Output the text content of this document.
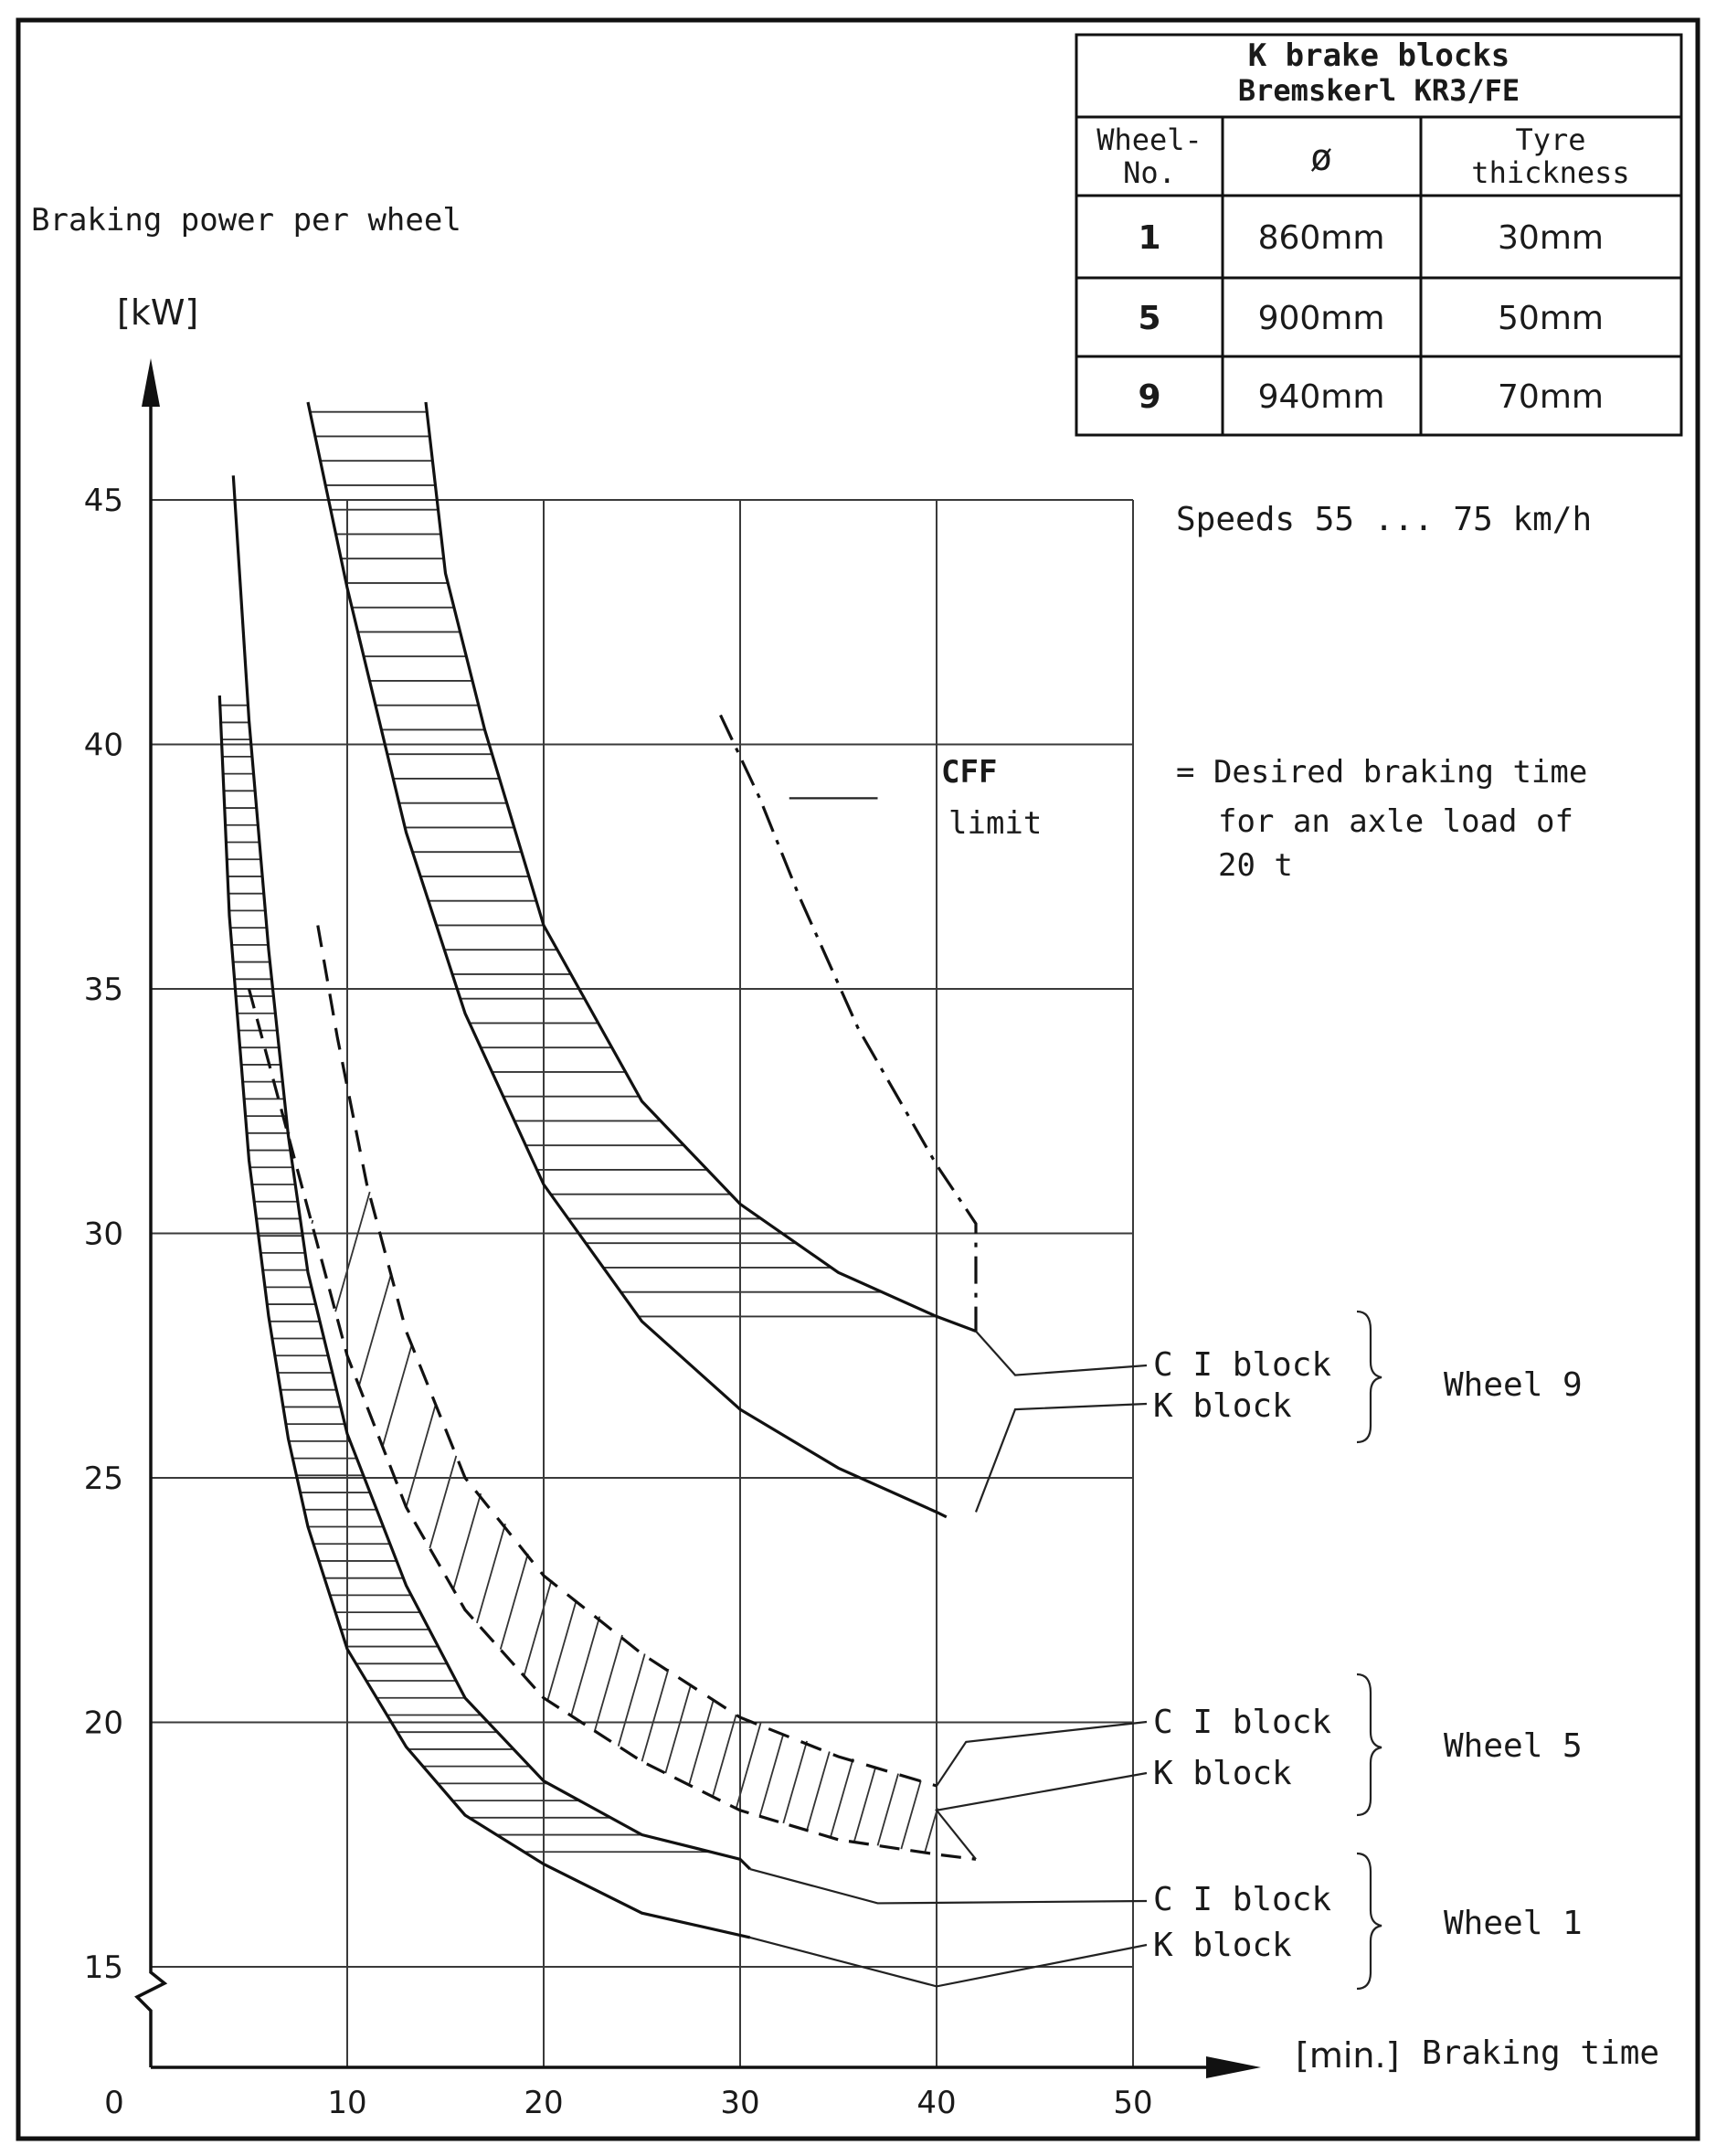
15
20
25
30
35
40
45
0	10	20	30	40	50
Braking power per wheel
[kW]
[min.] Braking time
Speeds 55 ... 75 km/h
CFF
limit
= Desired braking time
for an axle load of
20 t
C I block
K block
Wheel 9
C I block
K block
Wheel 5
C I block
K block
Wheel 1
K brake blocks
Bremskerl KR3/FE
Wheel-
No.	ø	Tyre
thickness
1	860mm	30mm
5	900mm	50mm
9	940mm	70mm
